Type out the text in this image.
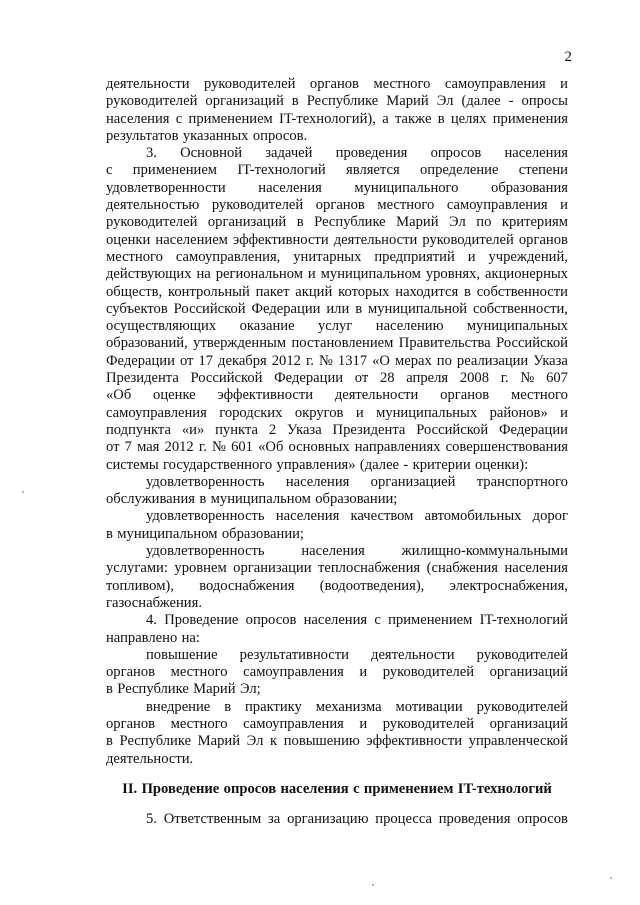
2
деятельности руководителей органов местного самоуправления и
руководителей организаций в Республике Марий Эл (далее - опросы
населения с применением IT-технологий), а также в целях применения
результатов указанных опросов.
3. Основной задачей проведения опросов населения
с применением IT-технологий является определение степени
удовлетворенности населения муниципального образования
деятельностью руководителей органов местного самоуправления и
руководителей организаций в Республике Марий Эл по критериям
оценки населением эффективности деятельности руководителей органов
местного самоуправления, унитарных предприятий и учреждений,
действующих на региональном и муниципальном уровнях, акционерных
обществ, контрольный пакет акций которых находится в собственности
субъектов Российской Федерации или в муниципальной собственности,
осуществляющих оказание услуг населению муниципальных
образований, утвержденным постановлением Правительства Российской
Федерации от 17 декабря 2012 г. № 1317 «О мерах по реализации Указа
Президента Российской Федерации от 28 апреля 2008 г. № 607
«Об оценке эффективности деятельности органов местного
самоуправления городских округов и муниципальных районов» и
подпункта «и» пункта 2 Указа Президента Российской Федерации
от 7 мая 2012 г. № 601 «Об основных направлениях совершенствования
системы государственного управления» (далее - критерии оценки):
удовлетворенность населения организацией транспортного
обслуживания в муниципальном образовании;
удовлетворенность населения качеством автомобильных дорог
в муниципальном образовании;
удовлетворенность	населения	жилищно-коммунальными
услугами: уровнем организации теплоснабжения (снабжения населения
топливом), водоснабжения (водоотведения), электроснабжения,
газоснабжения.
4. Проведение опросов населения с применением IT-технологий
направлено на:
повышение результативности деятельности руководителей
органов местного самоуправления и руководителей организаций
в Республике Марий Эл;
внедрение в практику механизма мотивации руководителей
органов местного самоуправления и руководителей организаций
в Республике Марий Эл к повышению эффективности управленческой
деятельности.
II. Проведение опросов населения с применением IT-технологий
5. Ответственным за организацию процесса проведения опросов
